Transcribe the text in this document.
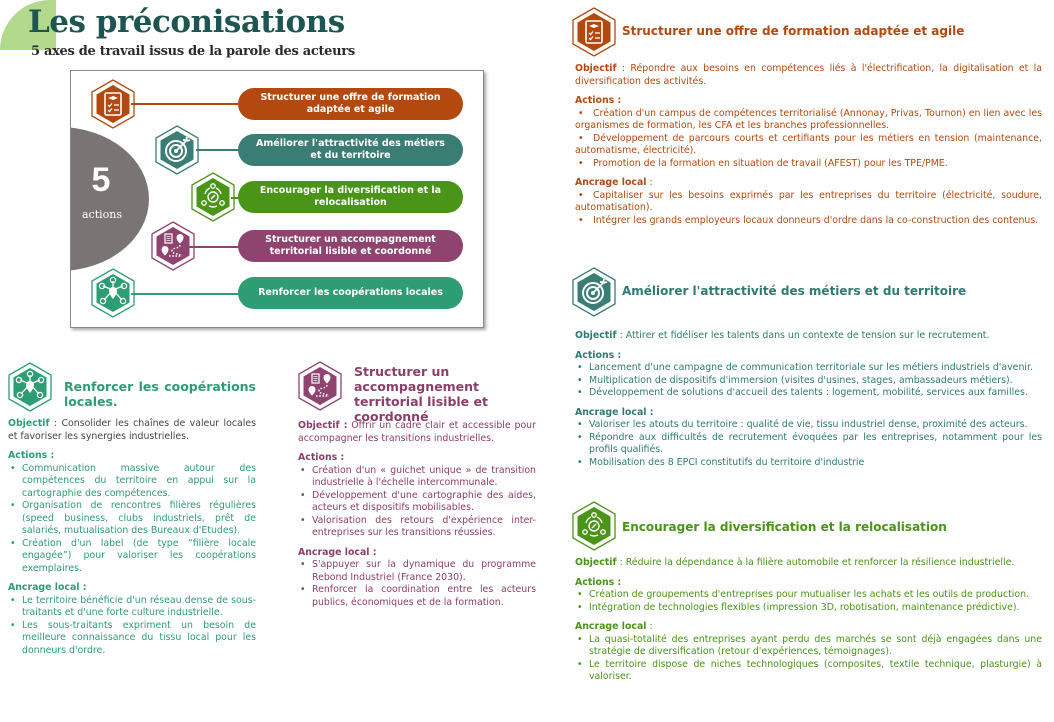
Les préconisations
5 axes de travail issus de la parole des acteurs
5
actions
Structurer une offre de formation adaptée et agile
Améliorer l'attractivité des métiers et du territoire
Encourager la diversification et la relocalisation
Structurer un accompagnement territorial lisible et coordonné
Renforcer les coopérations locales
Renforcer les coopérations locales.
Objectif : Consolider les chaînes de valeur locales et favoriser les synergies industrielles.
Actions :
• Communication massive autour des compétences du territoire en appui sur la cartographie des compétences.
• Organisation de rencontres filières régulières (speed business, clubs industriels, prêt de salariés, mutualisation des Bureaux d'Etudes).
• Création d'un label (de type “filière locale engagée”) pour valoriser les coopérations exemplaires.
Ancrage local :
• Le territoire bénéficie d'un réseau dense de sous-traitants et d'une forte culture industrielle.
• Les sous-traitants expriment un besoin de meilleure connaissance du tissu local pour les donneurs d'ordre.
Structurer un accompagnement territorial lisible et coordonné
Objectif : Offrir un cadre clair et accessible pour accompagner les transitions industrielles.
Actions :
• Création d'un « guichet unique » de transition industrielle à l'échelle intercommunale.
• Développement d'une cartographie des aides, acteurs et dispositifs mobilisables.
• Valorisation des retours d'expérience inter-entreprises sur les transitions réussies.
Ancrage local :
• S'appuyer sur la dynamique du programme Rebond Industriel (France 2030).
• Renforcer la coordination entre les acteurs publics, économiques et de la formation.
Structurer une offre de formation adaptée et agile
Objectif : Répondre aux besoins en compétences liés à l'électrification, la digitalisation et la diversification des activités.
Actions :
• Création d'un campus de compétences territorialisé (Annonay, Privas, Tournon) en lien avec les organismes de formation, les CFA et les branches professionnelles.
• Développement de parcours courts et certifiants pour les métiers en tension (maintenance, automatisme, électricité).
• Promotion de la formation en situation de travail (AFEST) pour les TPE/PME.
Ancrage local :
• Capitaliser sur les besoins exprimés par les entreprises du territoire (électricité, soudure, automatisation).
• Intégrer les grands employeurs locaux donneurs d'ordre dans la co-construction des contenus.
Améliorer l'attractivité des métiers et du territoire
Objectif : Attirer et fidéliser les talents dans un contexte de tension sur le recrutement.
Actions :
• Lancement d'une campagne de communication territoriale sur les métiers industriels d'avenir.
• Multiplication de dispositifs d'immersion (visites d'usines, stages, ambassadeurs métiers).
• Développement de solutions d'accueil des talents : logement, mobilité, services aux familles.
Ancrage local :
• Valoriser les atouts du territoire : qualité de vie, tissu industriel dense, proximité des acteurs.
• Répondre aux difficultés de recrutement évoquées par les entreprises, notamment pour les profils qualifiés.
• Mobilisation des 8 EPCI constitutifs du territoire d'industrie
Encourager la diversification et la relocalisation
Objectif : Réduire la dépendance à la filière automobile et renforcer la résilience industrielle.
Actions :
• Création de groupements d'entreprises pour mutualiser les achats et les outils de production.
• Intégration de technologies flexibles (impression 3D, robotisation, maintenance prédictive).
Ancrage local :
• La quasi-totalité des entreprises ayant perdu des marchés se sont déjà engagées dans une stratégie de diversification (retour d'expériences, témoignages).
• Le territoire dispose de niches technologiques (composites, textile technique, plasturgie) à valoriser.
